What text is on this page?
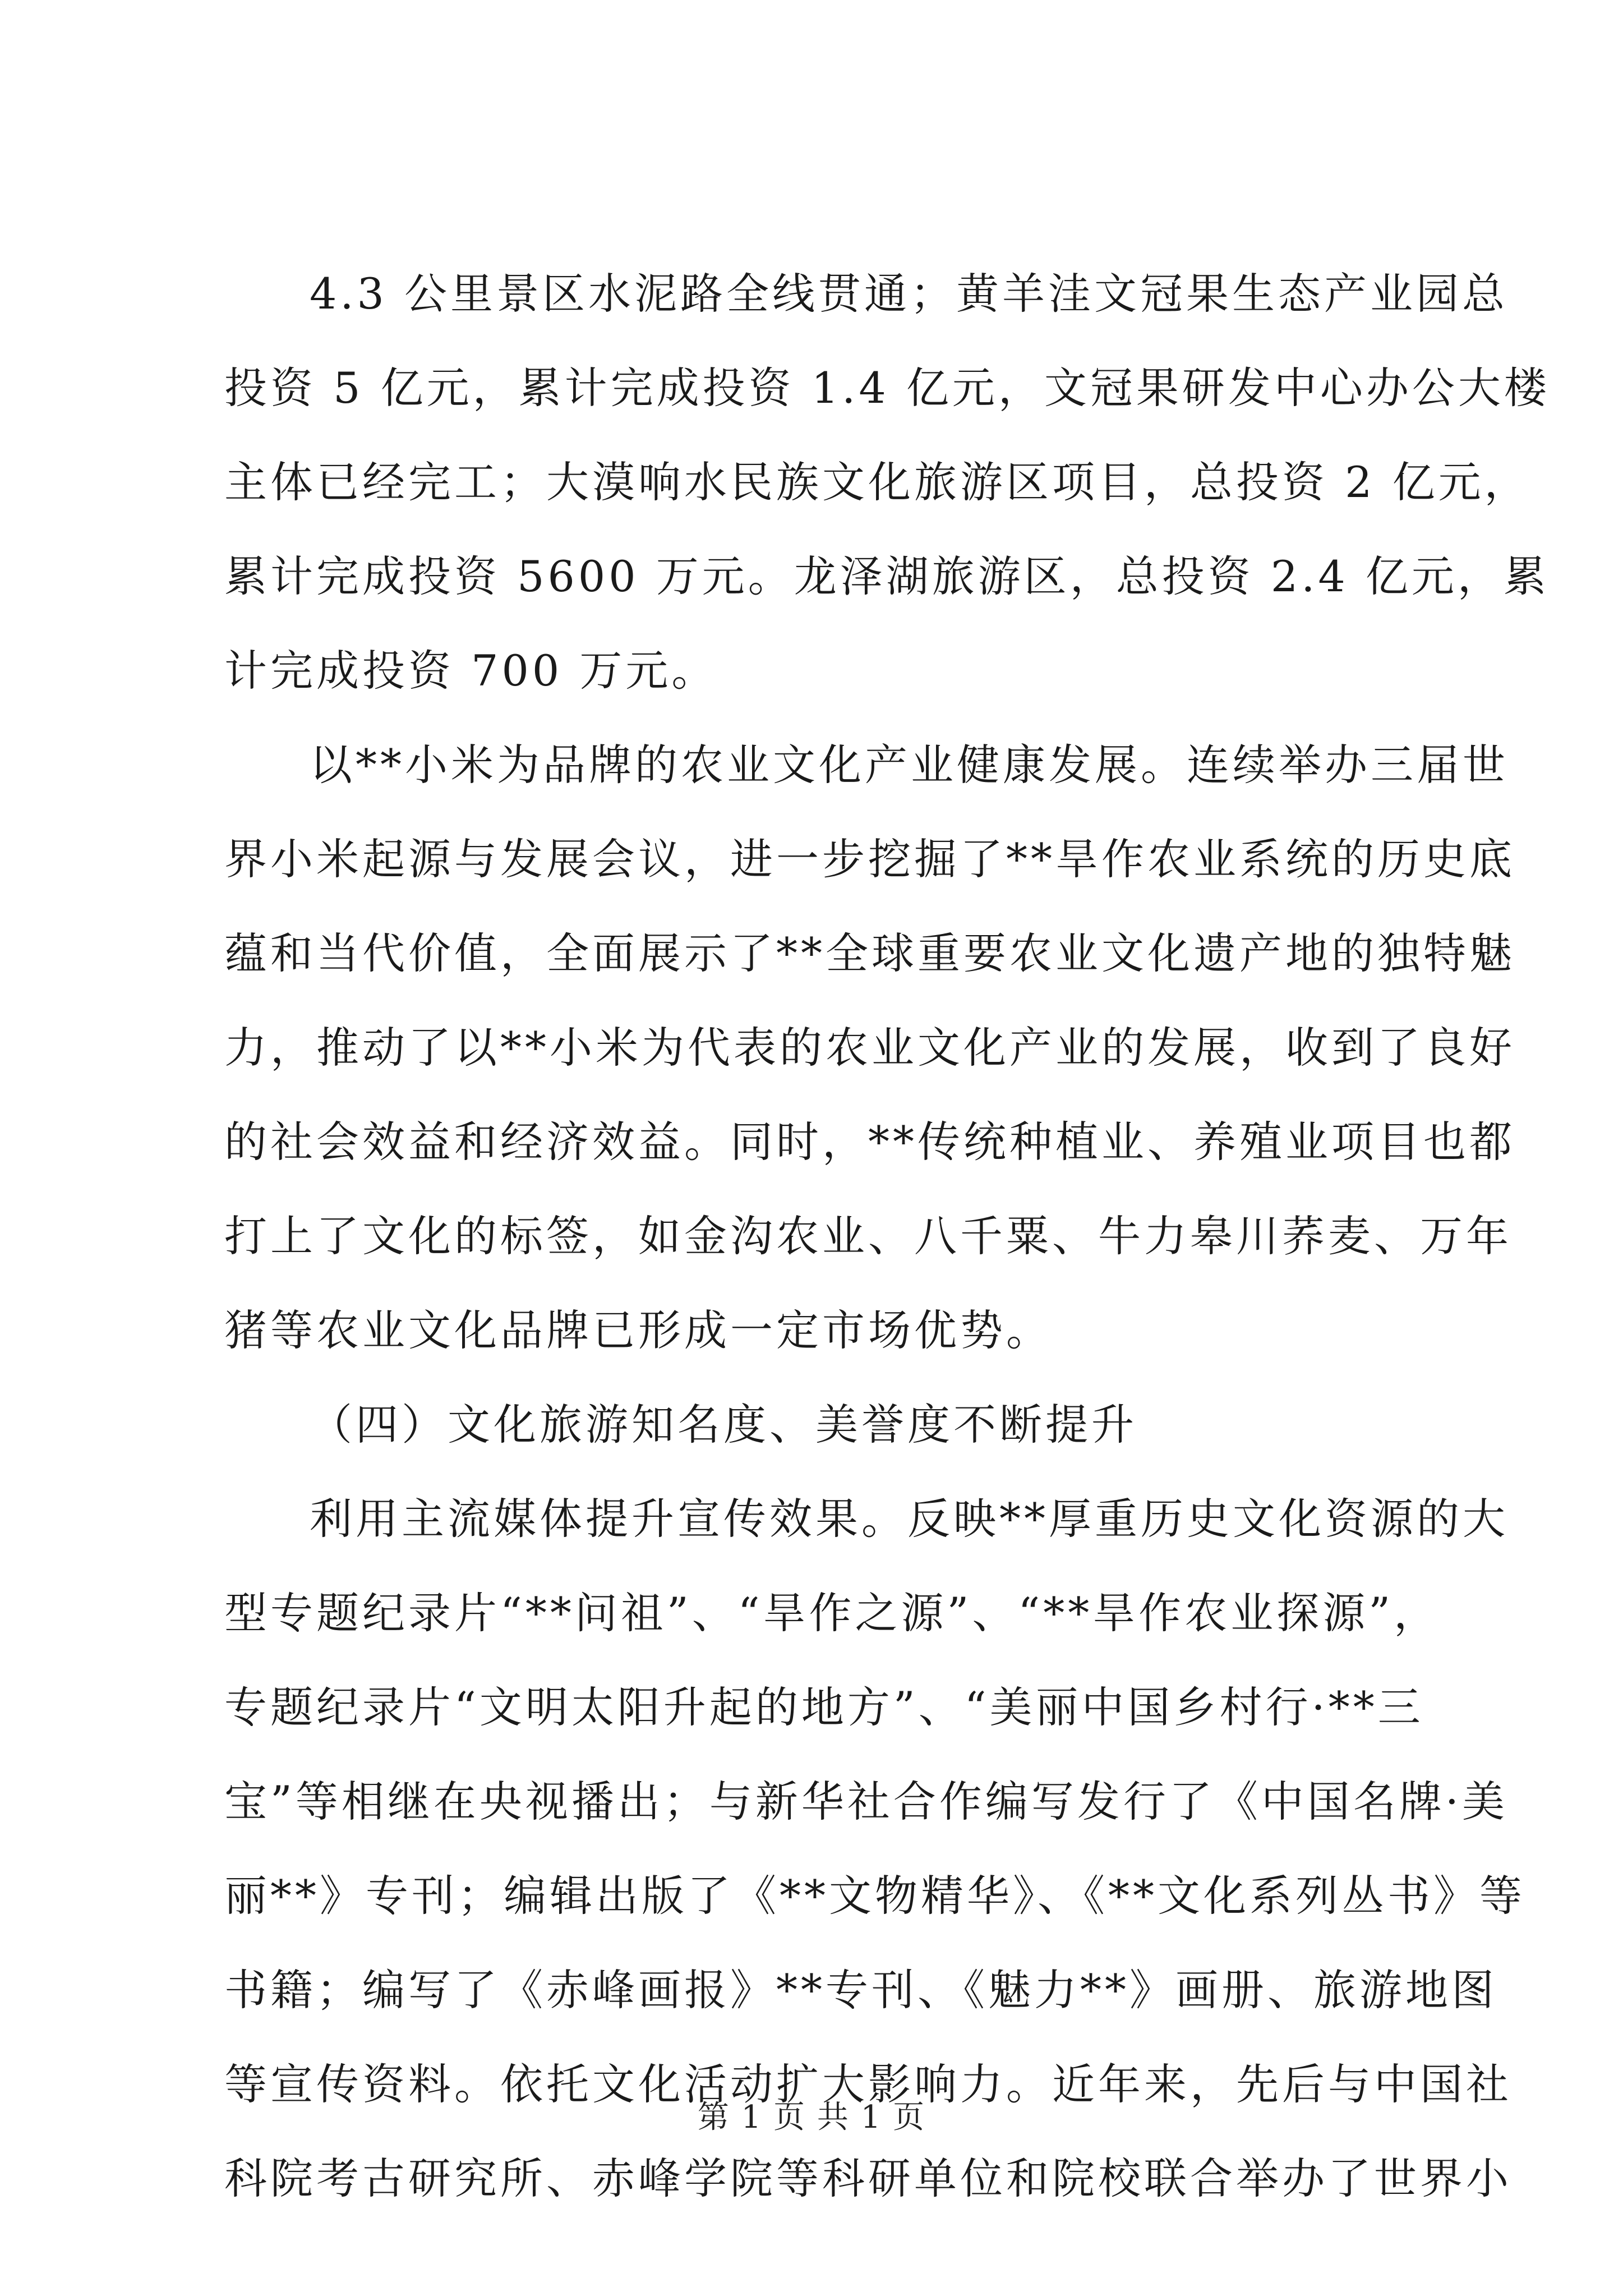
4.3 公里景区水泥路全线贯通；黄羊洼文冠果生态产业园总
投资 5 亿元，累计完成投资 1.4 亿元，文冠果研发中心办公大楼
主体已经完工；大漠响水民族文化旅游区项目，总投资 2 亿元，
累计完成投资 5600 万元。龙泽湖旅游区，总投资 2.4 亿元，累
计完成投资 700 万元。
以**小米为品牌的农业文化产业健康发展。连续举办三届世
界小米起源与发展会议，进一步挖掘了**旱作农业系统的历史底
蕴和当代价值，全面展示了**全球重要农业文化遗产地的独特魅
力，推动了以**小米为代表的农业文化产业的发展，收到了良好
的社会效益和经济效益。同时，**传统种植业、养殖业项目也都
打上了文化的标签，如金沟农业、八千粟、牛力皋川荞麦、万年
猪等农业文化品牌已形成一定市场优势。
（四）文化旅游知名度、美誉度不断提升
利用主流媒体提升宣传效果。反映**厚重历史文化资源的大
型专题纪录片“**问祖”、“旱作之源”、“**旱作农业探源”，
专题纪录片“文明太阳升起的地方”、“美丽中国乡村行·**三
宝”等相继在央视播出；与新华社合作编写发行了《中国名牌·美
丽**》专刊；编辑出版了《**文物精华》、《**文化系列丛书》等
书籍；编写了《赤峰画报》**专刊、《魅力**》画册、旅游地图
等宣传资料。依托文化活动扩大影响力。近年来，先后与中国社
科院考古研究所、赤峰学院等科研单位和院校联合举办了世界小
第 1 页 共 1 页
